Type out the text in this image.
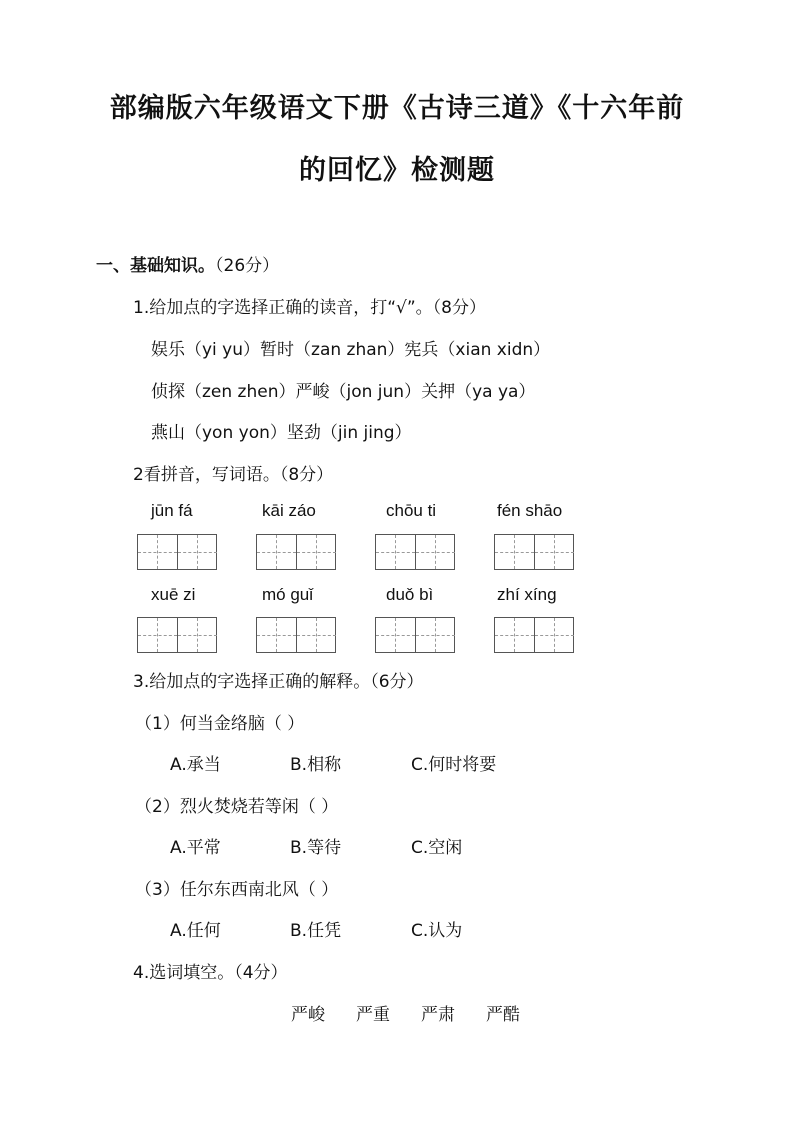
部编版六年级语文下册《古诗三道》《十六年前
的回忆》检测题
一、基础知识。（26分）
1.给加点的字选择正确的读音，打“√”。（8分）
娱乐（yi yu）暂时（zan zhan）宪兵（xian xidn）
侦探（zen zhen）严峻（jon jun）关押（ya ya）
燕山（yon yon）坚劲（jin jing）
2看拼音，写词语。（8分）
jūn fá	kāi záo	chōu ti	fén shāo
xuē zi	mó guǐ	duǒ bì	zhí xíng
3.给加点的字选择正确的解释。（6分）
（1）何当金络脑（ ）
A.承当	B.相称	C.何时将要
（2）烈火焚烧若等闲（ ）
A.平常	B.等待	C.空闲
（3）任尔东西南北风（ ）
A.任何	B.任凭	C.认为
4.选词填空。（4分）
严峻 严重 严肃 严酷
